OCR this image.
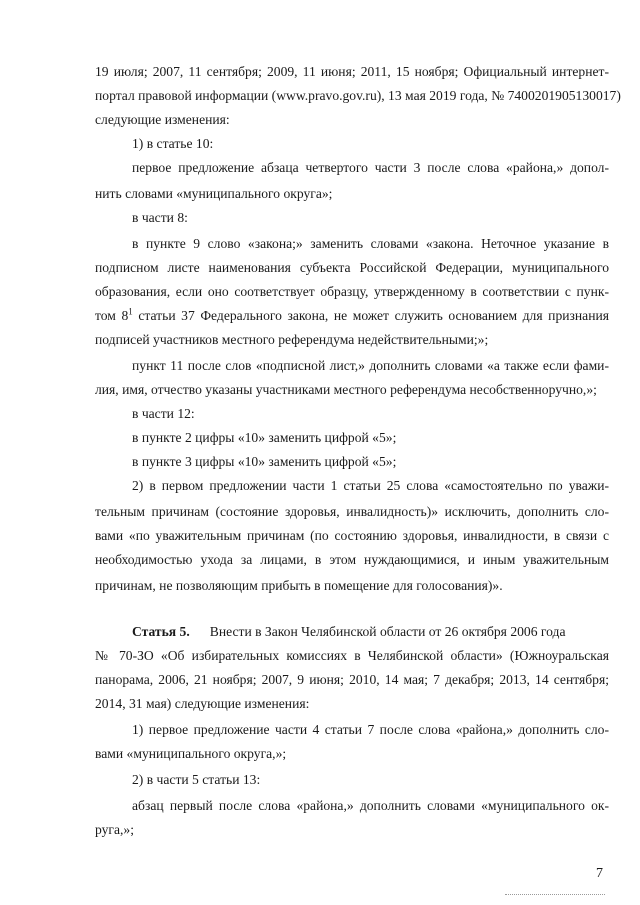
19 июля; 2007, 11 сентября; 2009, 11 июня; 2011, 15 ноября; Официальный интернет-
портал правовой информации (www.pravo.gov.ru), 13 мая 2019 года, № 7400201905130017)
следующие изменения:
1) в статье 10:
первое предложение абзаца четвертого части 3 после слова «района,» допол-
нить словами «муниципального округа»;
в части 8:
в пункте 9 слово «закона;» заменить словами «закона. Неточное указание в
подписном листе наименования субъекта Российской Федерации, муниципального
образования, если оно соответствует образцу, утвержденному в соответствии с пунк-
том $8^1$ статьи 37 Федерального закона, не может служить основанием для признания
подписей участников местного референдума недействительными;»;
пункт 11 после слов «подписной лист,» дополнить словами «а также если фами-
лия, имя, отчество указаны участниками местного референдума несобственноручно,»;
в части 12:
в пункте 2 цифры «10» заменить цифрой «5»;
в пункте 3 цифры «10» заменить цифрой «5»;
2) в первом предложении части 1 статьи 25 слова «самостоятельно по уважи-
тельным причинам (состояние здоровья, инвалидность)» исключить, дополнить сло-
вами «по уважительным причинам (по состоянию здоровья, инвалидности, в связи с
необходимостью ухода за лицами, в этом нуждающимися, и иным уважительным
причинам, не позволяющим прибыть в помещение для голосования)».
Статья 5. Внести в Закон Челябинской области от 26 октября 2006 года
№ 70-ЗО «Об избирательных комиссиях в Челябинской области» (Южноуральская
панорама, 2006, 21 ноября; 2007, 9 июня; 2010, 14 мая; 7 декабря; 2013, 14 сентября;
2014, 31 мая) следующие изменения:
1) первое предложение части 4 статьи 7 после слова «района,» дополнить сло-
вами «муниципального округа,»;
2) в части 5 статьи 13:
абзац первый после слова «района,» дополнить словами «муниципального ок-
руга,»;
7
